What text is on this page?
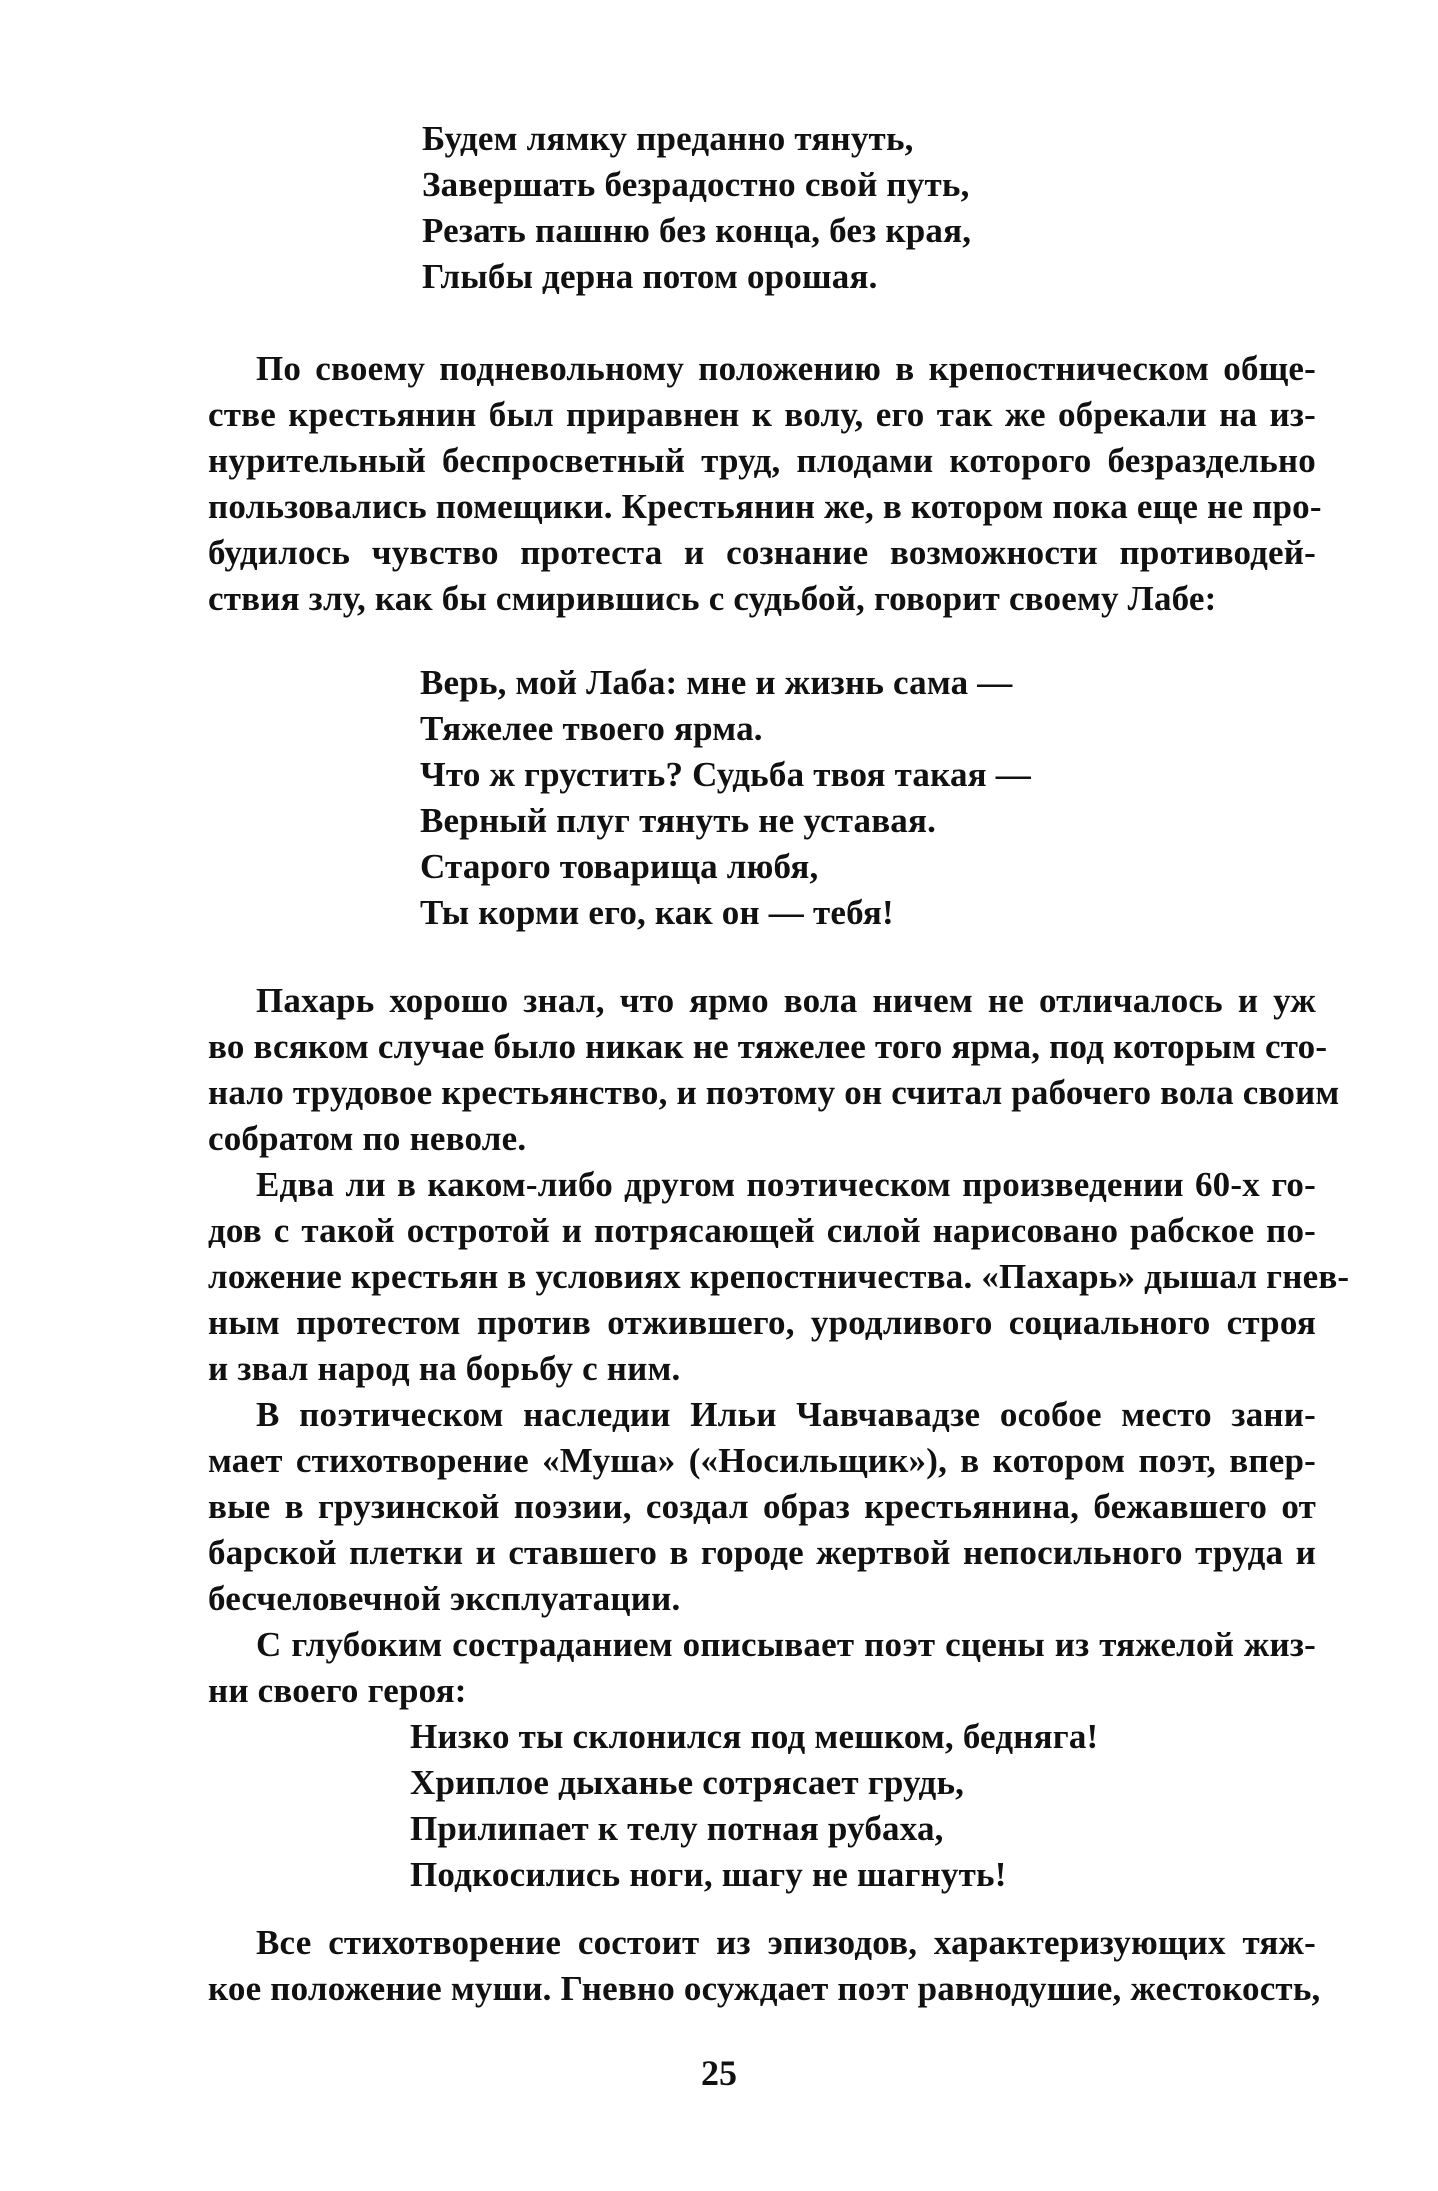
Будем лямку преданно тянуть,
Завершать безрадостно свой путь,
Резать пашню без конца, без края,
Глыбы дерна потом орошая.
По своему подневольному положению в крепостническом обще-
стве крестьянин был приравнен к волу, его так же обрекали на из-
нурительный беспросветный труд, плодами которого безраздельно
пользовались помещики. Крестьянин же, в котором пока еще не про-
будилось чувство протеста и сознание возможности противодей-
ствия злу, как бы смирившись с судьбой, говорит своему Лабе:
Верь, мой Лаба: мне и жизнь сама —
Тяжелее твоего ярма.
Что ж грустить? Судьба твоя такая —
Верный плуг тянуть не уставая.
Старого товарища любя,
Ты корми его, как он — тебя!
Пахарь хорошо знал, что ярмо вола ничем не отличалось и уж
во всяком случае было никак не тяжелее того ярма, под которым сто-
нало трудовое крестьянство, и поэтому он считал рабочего вола своим
собратом по неволе.
Едва ли в каком-либо другом поэтическом произведении 60-х го-
дов с такой остротой и потрясающей силой нарисовано рабское по-
ложение крестьян в условиях крепостничества. «Пахарь» дышал гнев-
ным протестом против отжившего, уродливого социального строя
и звал народ на борьбу с ним.
В поэтическом наследии Ильи Чавчавадзе особое место зани-
мает стихотворение «Муша» («Носильщик»), в котором поэт, впер-
вые в грузинской поэзии, создал образ крестьянина, бежавшего от
барской плетки и ставшего в городе жертвой непосильного труда и
бесчеловечной эксплуатации.
С глубоким состраданием описывает поэт сцены из тяжелой жиз-
ни своего героя:
Низко ты склонился под мешком, бедняга!
Хриплое дыханье сотрясает грудь,
Прилипает к телу потная рубаха,
Подкосились ноги, шагу не шагнуть!
Все стихотворение состоит из эпизодов, характеризующих тяж-
кое положение муши. Гневно осуждает поэт равнодушие, жестокость,
25
